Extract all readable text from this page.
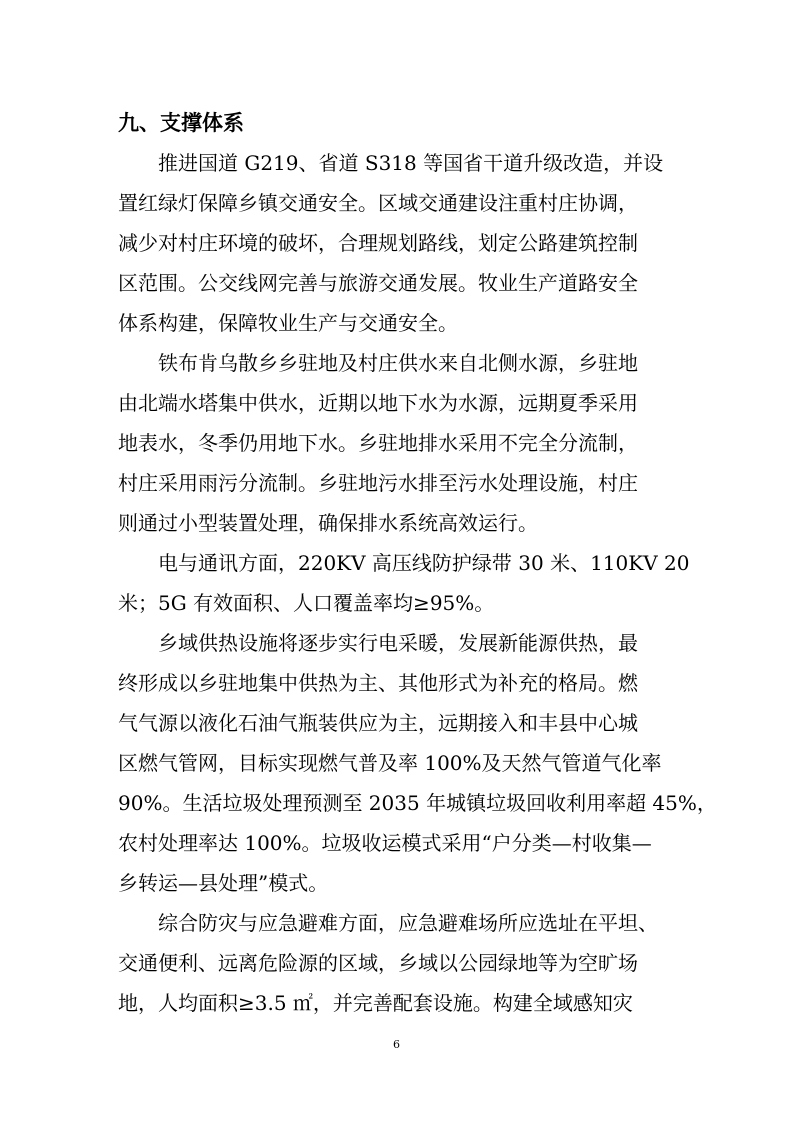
九、支撑体系
推进国道 G219、省道 S318 等国省干道升级改造，并设
置红绿灯保障乡镇交通安全。区域交通建设注重村庄协调，
减少对村庄环境的破坏，合理规划路线，划定公路建筑控制
区范围。公交线网完善与旅游交通发展。牧业生产道路安全
体系构建，保障牧业生产与交通安全。
铁布肯乌散乡乡驻地及村庄供水来自北侧水源，乡驻地
由北端水塔集中供水，近期以地下水为水源，远期夏季采用
地表水，冬季仍用地下水。乡驻地排水采用不完全分流制，
村庄采用雨污分流制。乡驻地污水排至污水处理设施，村庄
则通过小型装置处理，确保排水系统高效运行。
电与通讯方面，220KV 高压线防护绿带 30 米、110KV 20
米；5G 有效面积、人口覆盖率均≥95%。
乡域供热设施将逐步实行电采暖，发展新能源供热，最
终形成以乡驻地集中供热为主、其他形式为补充的格局。燃
气气源以液化石油气瓶装供应为主，远期接入和丰县中心城
区燃气管网，目标实现燃气普及率 100%及天然气管道气化率
90%。生活垃圾处理预测至 2035 年城镇垃圾回收利用率超 45%，
农村处理率达 100%。垃圾收运模式采用“户分类—村收集—
乡转运—县处理”模式。
综合防灾与应急避难方面，应急避难场所应选址在平坦、
交通便利、远离危险源的区域，乡域以公园绿地等为空旷场
地，人均面积≥3.5 ㎡，并完善配套设施。构建全域感知灾
6
